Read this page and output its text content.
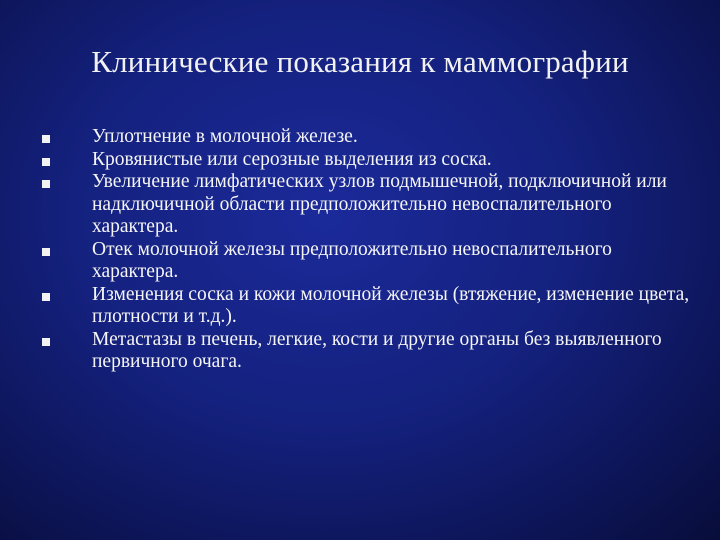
Клинические показания к маммографии
Уплотнение в молочной железе.
Кровянистые или серозные выделения из соска.
Увеличение лимфатических узлов подмышечной, подключичной или надключичной области предположительно невоспалительного характера.
Отек молочной железы предположительно невоспалительного характера.
Изменения соска и кожи молочной железы (втяжение, изменение цвета, плотности и т.д.).
Метастазы в печень, легкие, кости и другие органы без выявленного первичного очага.
